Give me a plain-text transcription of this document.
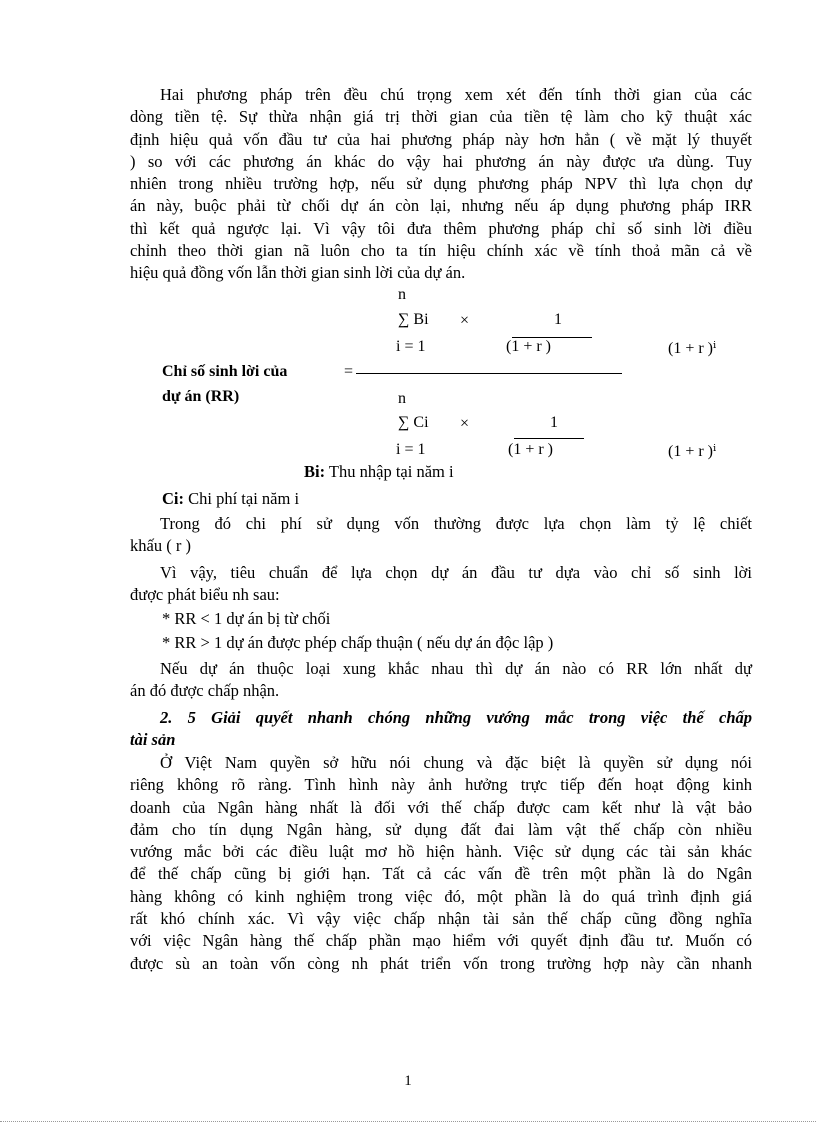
Hai phương pháp trên đều chú trọng xem xét đến tính thời gian của các
dòng tiền tệ. Sự thừa nhận giá trị thời gian của tiền tệ làm cho kỹ thuật xác
định hiệu quả vốn đầu tư của hai phương pháp này hơn hẳn ( về mặt lý thuyết
) so với các phương án khác do vậy hai phương án này được ưa dùng. Tuy
nhiên trong nhiều trường hợp, nếu sử dụng phương pháp NPV thì lựa chọn dự
án này, buộc phải từ chối dự án còn lại, nhưng nếu áp dụng phương pháp IRR
thì kết quả ngược lại. Vì vậy tôi đưa thêm phương pháp chỉ số sinh lời điều
chỉnh theo thời gian nã luôn cho ta tín hiệu chính xác về tính thoả mãn cả về
hiệu quả đồng vốn lẫn thời gian sinh lời của dự án.
n
∑ Bi ×	1
i = 1	(1 + r )	(1 + r )ⁱ
Chỉ số sinh lời của	=
dự án (RR)	n
∑ Ci ×	1
i = 1	(1 + r )	(1 + r )ⁱ
Bi: Thu nhập tại năm i
Ci: Chi phí tại năm i
Trong đó chi phí sử dụng vốn thường được lựa chọn làm tỷ lệ chiết
khấu ( r )
Vì vậy, tiêu chuẩn để lựa chọn dự án đầu tư dựa vào chỉ số sinh lời
được phát biểu nh sau:
* RR < 1 dự án bị từ chối
* RR > 1 dự án được phép chấp thuận ( nếu dự án độc lập )
Nếu dự án thuộc loại xung khắc nhau thì dự án nào có RR lớn nhất dự
án đó được chấp nhận.
2. 5 Giải quyết nhanh chóng những vướng mắc trong việc thế chấp
tài sản
Ở Việt Nam quyền sở hữu nói chung và đặc biệt là quyền sử dụng nói
riêng không rõ ràng. Tình hình này ảnh hưởng trực tiếp đến hoạt động kinh
doanh của Ngân hàng nhất là đối với thế chấp được cam kết như là vật bảo
đảm cho tín dụng Ngân hàng, sử dụng đất đai làm vật thế chấp còn nhiều
vướng mắc bởi các điều luật mơ hồ hiện hành. Việc sử dụng các tài sản khác
để thế chấp cũng bị giới hạn. Tất cả các vấn đề trên một phần là do Ngân
hàng không có kinh nghiệm trong việc đó, một phần là do quá trình định giá
rất khó chính xác. Vì vậy việc chấp nhận tài sản thế chấp cũng đồng nghĩa
với việc Ngân hàng thế chấp phần mạo hiểm với quyết định đầu tư. Muốn có
được sù an toàn vốn còng nh phát triển vốn trong trường hợp này cần nhanh
1
